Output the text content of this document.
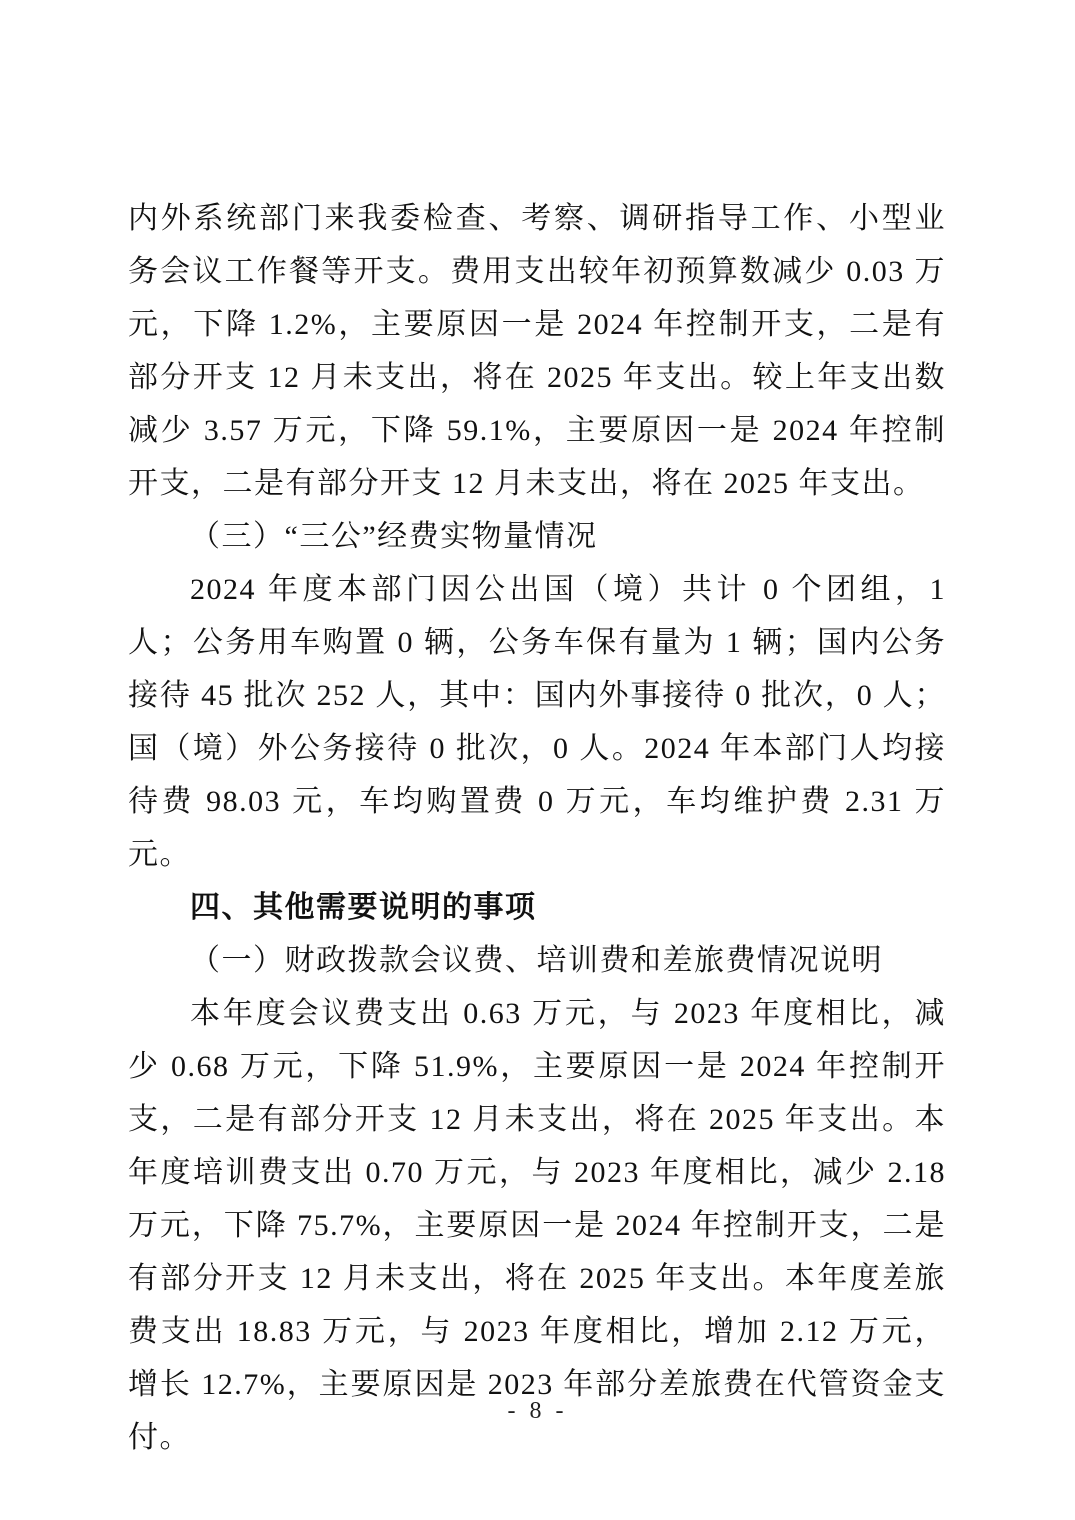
内外系统部门来我委检查、考察、调研指导工作、小型业务会议工作餐等开支。费用支出较年初预算数减少 0.03 万元，下降 1.2%，主要原因一是 2024 年控制开支，二是有部分开支 12 月未支出，将在 2025 年支出。较上年支出数减少 3.57 万元，下降 59.1%，主要原因一是 2024 年控制开支，二是有部分开支 12 月未支出，将在 2025 年支出。

（三）“三公”经费实物量情况

2024 年度本部门因公出国（境）共计 0 个团组，1 人；公务用车购置 0 辆，公务车保有量为 1 辆；国内公务接待 45 批次 252 人，其中：国内外事接待 0 批次，0 人；国（境）外公务接待 0 批次，0 人。2024 年本部门人均接待费 98.03 元，车均购置费 0 万元，车均维护费 2.31 万元。

四、其他需要说明的事项

（一）财政拨款会议费、培训费和差旅费情况说明

本年度会议费支出 0.63 万元，与 2023 年度相比，减少 0.68 万元，下降 51.9%，主要原因一是 2024 年控制开支，二是有部分开支 12 月未支出，将在 2025 年支出。本年度培训费支出 0.70 万元，与 2023 年度相比，减少 2.18 万元，下降 75.7%，主要原因一是 2024 年控制开支，二是有部分开支 12 月未支出，将在 2025 年支出。本年度差旅费支出 18.83 万元，与 2023 年度相比，增加 2.12 万元，增长 12.7%，主要原因是 2023 年部分差旅费在代管资金支付。

- 8 -
